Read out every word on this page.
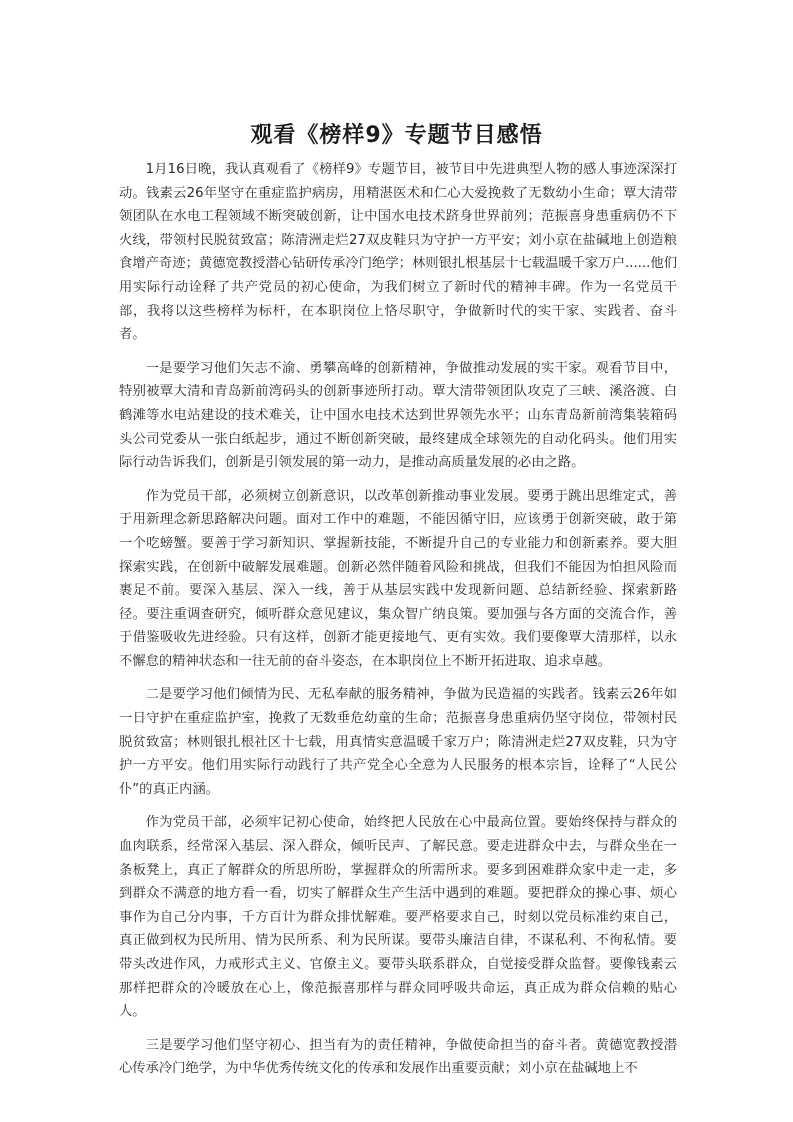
观看《榜样9》专题节目感悟

1月16日晚，我认真观看了《榜样9》专题节目，被节目中先进典型人物的感人事迹深深打动。钱素云26年坚守在重症监护病房，用精湛医术和仁心大爱挽救了无数幼小生命；覃大清带领团队在水电工程领域不断突破创新，让中国水电技术跻身世界前列；范振喜身患重病仍不下火线，带领村民脱贫致富；陈清洲走烂27双皮鞋只为守护一方平安；刘小京在盐碱地上创造粮食增产奇迹；黄德宽教授潜心钻研传承冷门绝学；林则银扎根基层十七载温暖千家万户......他们用实际行动诠释了共产党员的初心使命，为我们树立了新时代的精神丰碑。作为一名党员干部，我将以这些榜样为标杆，在本职岗位上恪尽职守，争做新时代的实干家、实践者、奋斗者。

一是要学习他们矢志不渝、勇攀高峰的创新精神，争做推动发展的实干家。观看节目中，特别被覃大清和青岛新前湾码头的创新事迹所打动。覃大清带领团队攻克了三峡、溪洛渡、白鹤滩等水电站建设的技术难关，让中国水电技术达到世界领先水平；山东青岛新前湾集装箱码头公司党委从一张白纸起步，通过不断创新突破，最终建成全球领先的自动化码头。他们用实际行动告诉我们，创新是引领发展的第一动力，是推动高质量发展的必由之路。

作为党员干部，必须树立创新意识，以改革创新推动事业发展。要勇于跳出思维定式，善于用新理念新思路解决问题。面对工作中的难题，不能因循守旧，应该勇于创新突破，敢于第一个吃螃蟹。要善于学习新知识、掌握新技能，不断提升自己的专业能力和创新素养。要大胆探索实践，在创新中破解发展难题。创新必然伴随着风险和挑战，但我们不能因为怕担风险而裹足不前。要深入基层、深入一线，善于从基层实践中发现新问题、总结新经验、探索新路径。要注重调查研究，倾听群众意见建议，集众智广纳良策。要加强与各方面的交流合作，善于借鉴吸收先进经验。只有这样，创新才能更接地气、更有实效。我们要像覃大清那样，以永不懈怠的精神状态和一往无前的奋斗姿态，在本职岗位上不断开拓进取、追求卓越。

二是要学习他们倾情为民、无私奉献的服务精神，争做为民造福的实践者。钱素云26年如一日守护在重症监护室，挽救了无数垂危幼童的生命；范振喜身患重病仍坚守岗位，带领村民脱贫致富；林则银扎根社区十七载，用真情实意温暖千家万户；陈清洲走烂27双皮鞋，只为守护一方平安。他们用实际行动践行了共产党全心全意为人民服务的根本宗旨，诠释了“人民公仆”的真正内涵。

作为党员干部，必须牢记初心使命，始终把人民放在心中最高位置。要始终保持与群众的血肉联系，经常深入基层、深入群众，倾听民声、了解民意。要走进群众中去，与群众坐在一条板凳上，真正了解群众的所思所盼，掌握群众的所需所求。要多到困难群众家中走一走，多到群众不满意的地方看一看，切实了解群众生产生活中遇到的难题。要把群众的操心事、烦心事作为自己分内事，千方百计为群众排忧解难。要严格要求自己，时刻以党员标准约束自己，真正做到权为民所用、情为民所系、利为民所谋。要带头廉洁自律，不谋私利、不徇私情。要带头改进作风，力戒形式主义、官僚主义。要带头联系群众，自觉接受群众监督。要像钱素云那样把群众的冷暖放在心上，像范振喜那样与群众同呼吸共命运，真正成为群众信赖的贴心人。

三是要学习他们坚守初心、担当有为的责任精神，争做使命担当的奋斗者。黄德宽教授潜心传承冷门绝学，为中华优秀传统文化的传承和发展作出重要贡献；刘小京在盐碱地上不
